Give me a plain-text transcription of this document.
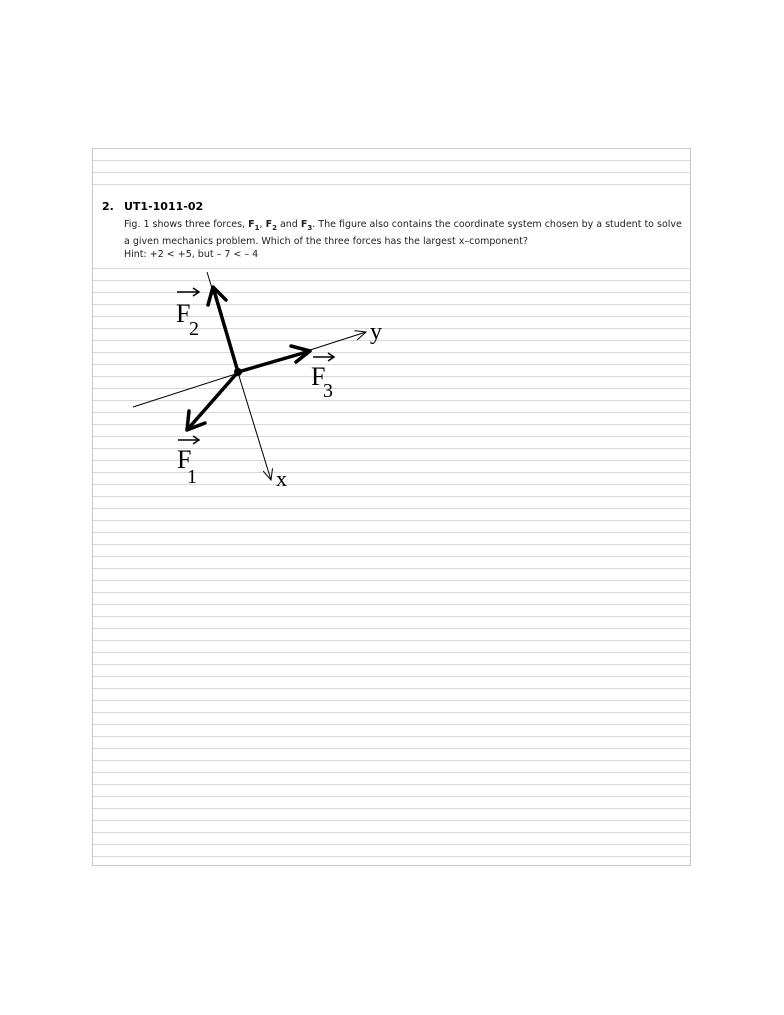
2. UT1-1011-02
Fig. 1 shows three forces, $F_1$, $F_2$ and $F_3$. The figure also contains the coordinate system chosen by a student to solve a given mechanics problem. Which of the three forces has the largest x–component?
Hint: +2 < +5, but – 7 < – 4
F
2
F
3
F
1
y
x
